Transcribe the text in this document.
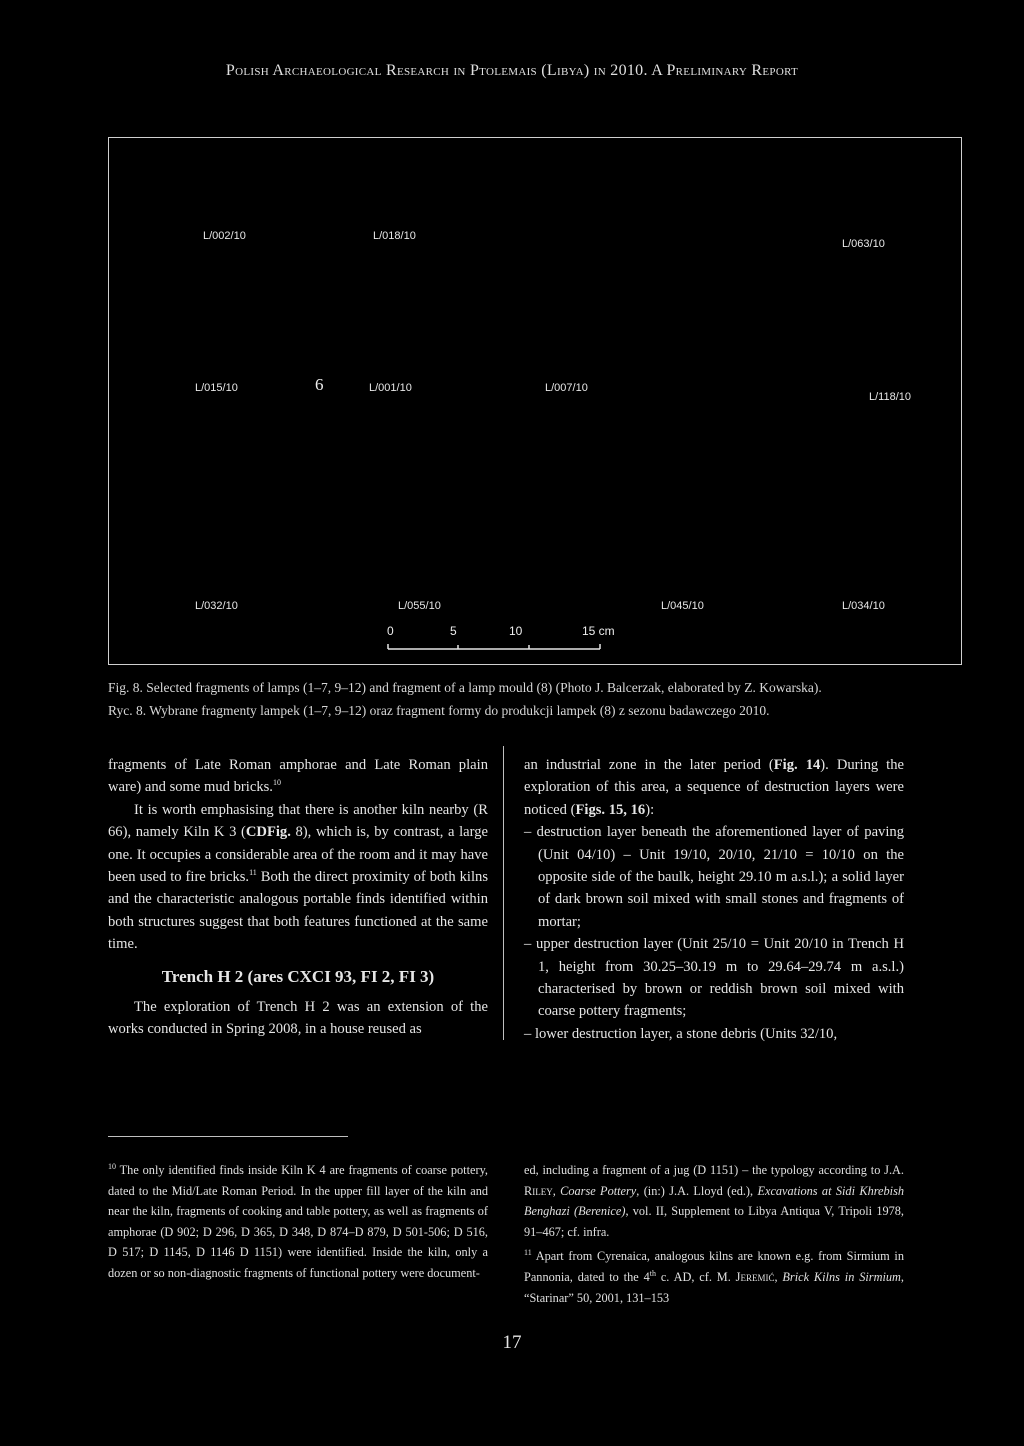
Polish Archaeological Research in Ptolemais (Libya) in 2010. A Preliminary Report
L/002/10	L/018/10
L/063/10
L/015/10	6	L/001/10	L/007/10
L/118/10
L/032/10	L/055/10	L/045/10	L/034/10
0	5	10	15 cm
Fig. 8. Selected fragments of lamps (1–7, 9–12) and fragment of a lamp mould (8) (Photo J. Balcerzak, elaborated by Z. Kowarska).
Ryc. 8. Wybrane fragmenty lampek (1–7, 9–12) oraz fragment formy do produkcji lampek (8) z sezonu badawczego 2010.

fragments of Late Roman amphorae and Late Roman plain ware) and some mud bricks.$^{10}$

It is worth emphasising that there is another kiln nearby (R 66), namely Kiln K 3 (CDFig. 8), which is, by contrast, a large one. It occupies a considerable area of the room and it may have been used to fire bricks.$^{11}$ Both the direct proximity of both kilns and the characteristic analogous portable finds identified within both structures suggest that both features functioned at the same time.

Trench H 2 (ares CXCI 93, FI 2, FI 3)

The exploration of Trench H 2 was an extension of the works conducted in Spring 2008, in a house reused as

an industrial zone in the later period (Fig. 14). During the exploration of this area, a sequence of destruction layers were noticed (Figs. 15, 16):

– destruction layer beneath the aforementioned layer of paving (Unit 04/10) – Unit 19/10, 20/10, 21/10 = 10/10 on the opposite side of the baulk, height 29.10 m a.s.l.); a solid layer of dark brown soil mixed with small stones and fragments of mortar;

– upper destruction layer (Unit 25/10 = Unit 20/10 in Trench H 1, height from 30.25–30.19 m to 29.64–29.74 m a.s.l.) characterised by brown or reddish brown soil mixed with coarse pottery fragments;

– lower destruction layer, a stone debris (Units 32/10,

$^{10}$ The only identified finds inside Kiln K 4 are fragments of coarse pottery, dated to the Mid/Late Roman Period. In the upper fill layer of the kiln and near the kiln, fragments of cooking and table pottery, as well as fragments of amphorae (D 902; D 296, D 365, D 348, D 874–D 879, D 501-506; D 516, D 517; D 1145, D 1146 D 1151) were identified. Inside the kiln, only a dozen or so non-diagnostic fragments of functional pottery were document-

ed, including a fragment of a jug (D 1151) – the typology according to J.A. Riley, Coarse Pottery, (in:) J.A. Lloyd (ed.), Excavations at Sidi Khrebish Benghazi (Berenice), vol. II, Supplement to Libya Antiqua V, Tripoli 1978, 91–467; cf. infra.

$^{11}$ Apart from Cyrenaica, analogous kilns are known e.g. from Sirmium in Pannonia, dated to the 4th c. AD, cf. M. Jeremić, Brick Kilns in Sirmium, “Starinar” 50, 2001, 131–153

17
